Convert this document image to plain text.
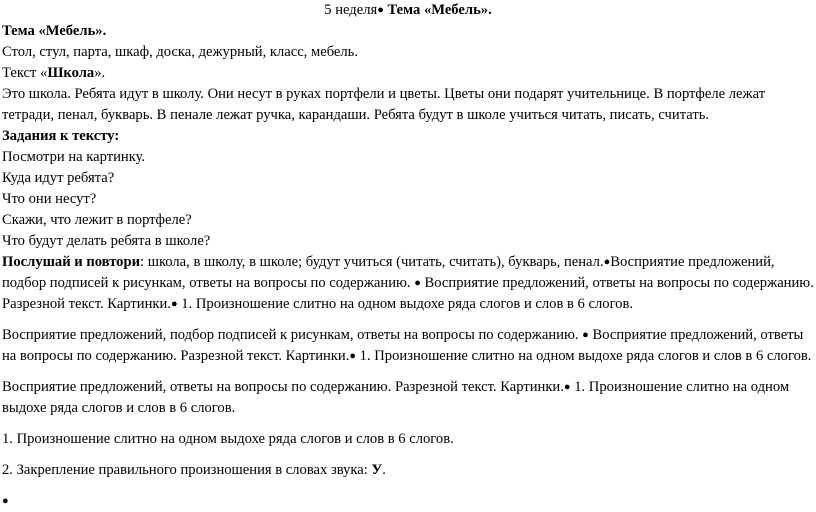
5 неделя● Тема «Мебель».

Тема «Мебель».

Стол, стул, парта, шкаф, доска, дежурный, класс, мебель.

Текст «Школа».

Это школа. Ребята идут в школу. Они несут в руках портфели и цветы. Цветы они подарят учительнице. В портфеле лежат тетради, пенал, букварь. В пенале лежат ручка, карандаши. Ребята будут в школе учиться читать, писать, считать.

Задания к тексту:

Посмотри на картинку.

Куда идут ребята?

Что они несут?

Скажи, что лежит в портфеле?

Что будут делать ребята в школе?

Послушай и повтори: школа, в школу, в школе; будут учиться (читать, считать), букварь, пенал.●Восприятие предложений, подбор подписей к рисункам, ответы на вопросы по содержанию. ● Восприятие предложений, ответы на вопросы по содержанию. Разрезной текст. Картинки.● 1. Произношение слитно на одном выдохе ряда слогов и слов в 6 слогов.

Восприятие предложений, подбор подписей к рисункам, ответы на вопросы по содержанию. ● Восприятие предложений, ответы на вопросы по содержанию. Разрезной текст. Картинки.● 1. Произношение слитно на одном выдохе ряда слогов и слов в 6 слогов.

Восприятие предложений, ответы на вопросы по содержанию. Разрезной текст. Картинки.● 1. Произношение слитно на одном выдохе ряда слогов и слов в 6 слогов.

1. Произношение слитно на одном выдохе ряда слогов и слов в 6 слогов.

2. Закрепление правильного произношения в словах звука: У.

●
